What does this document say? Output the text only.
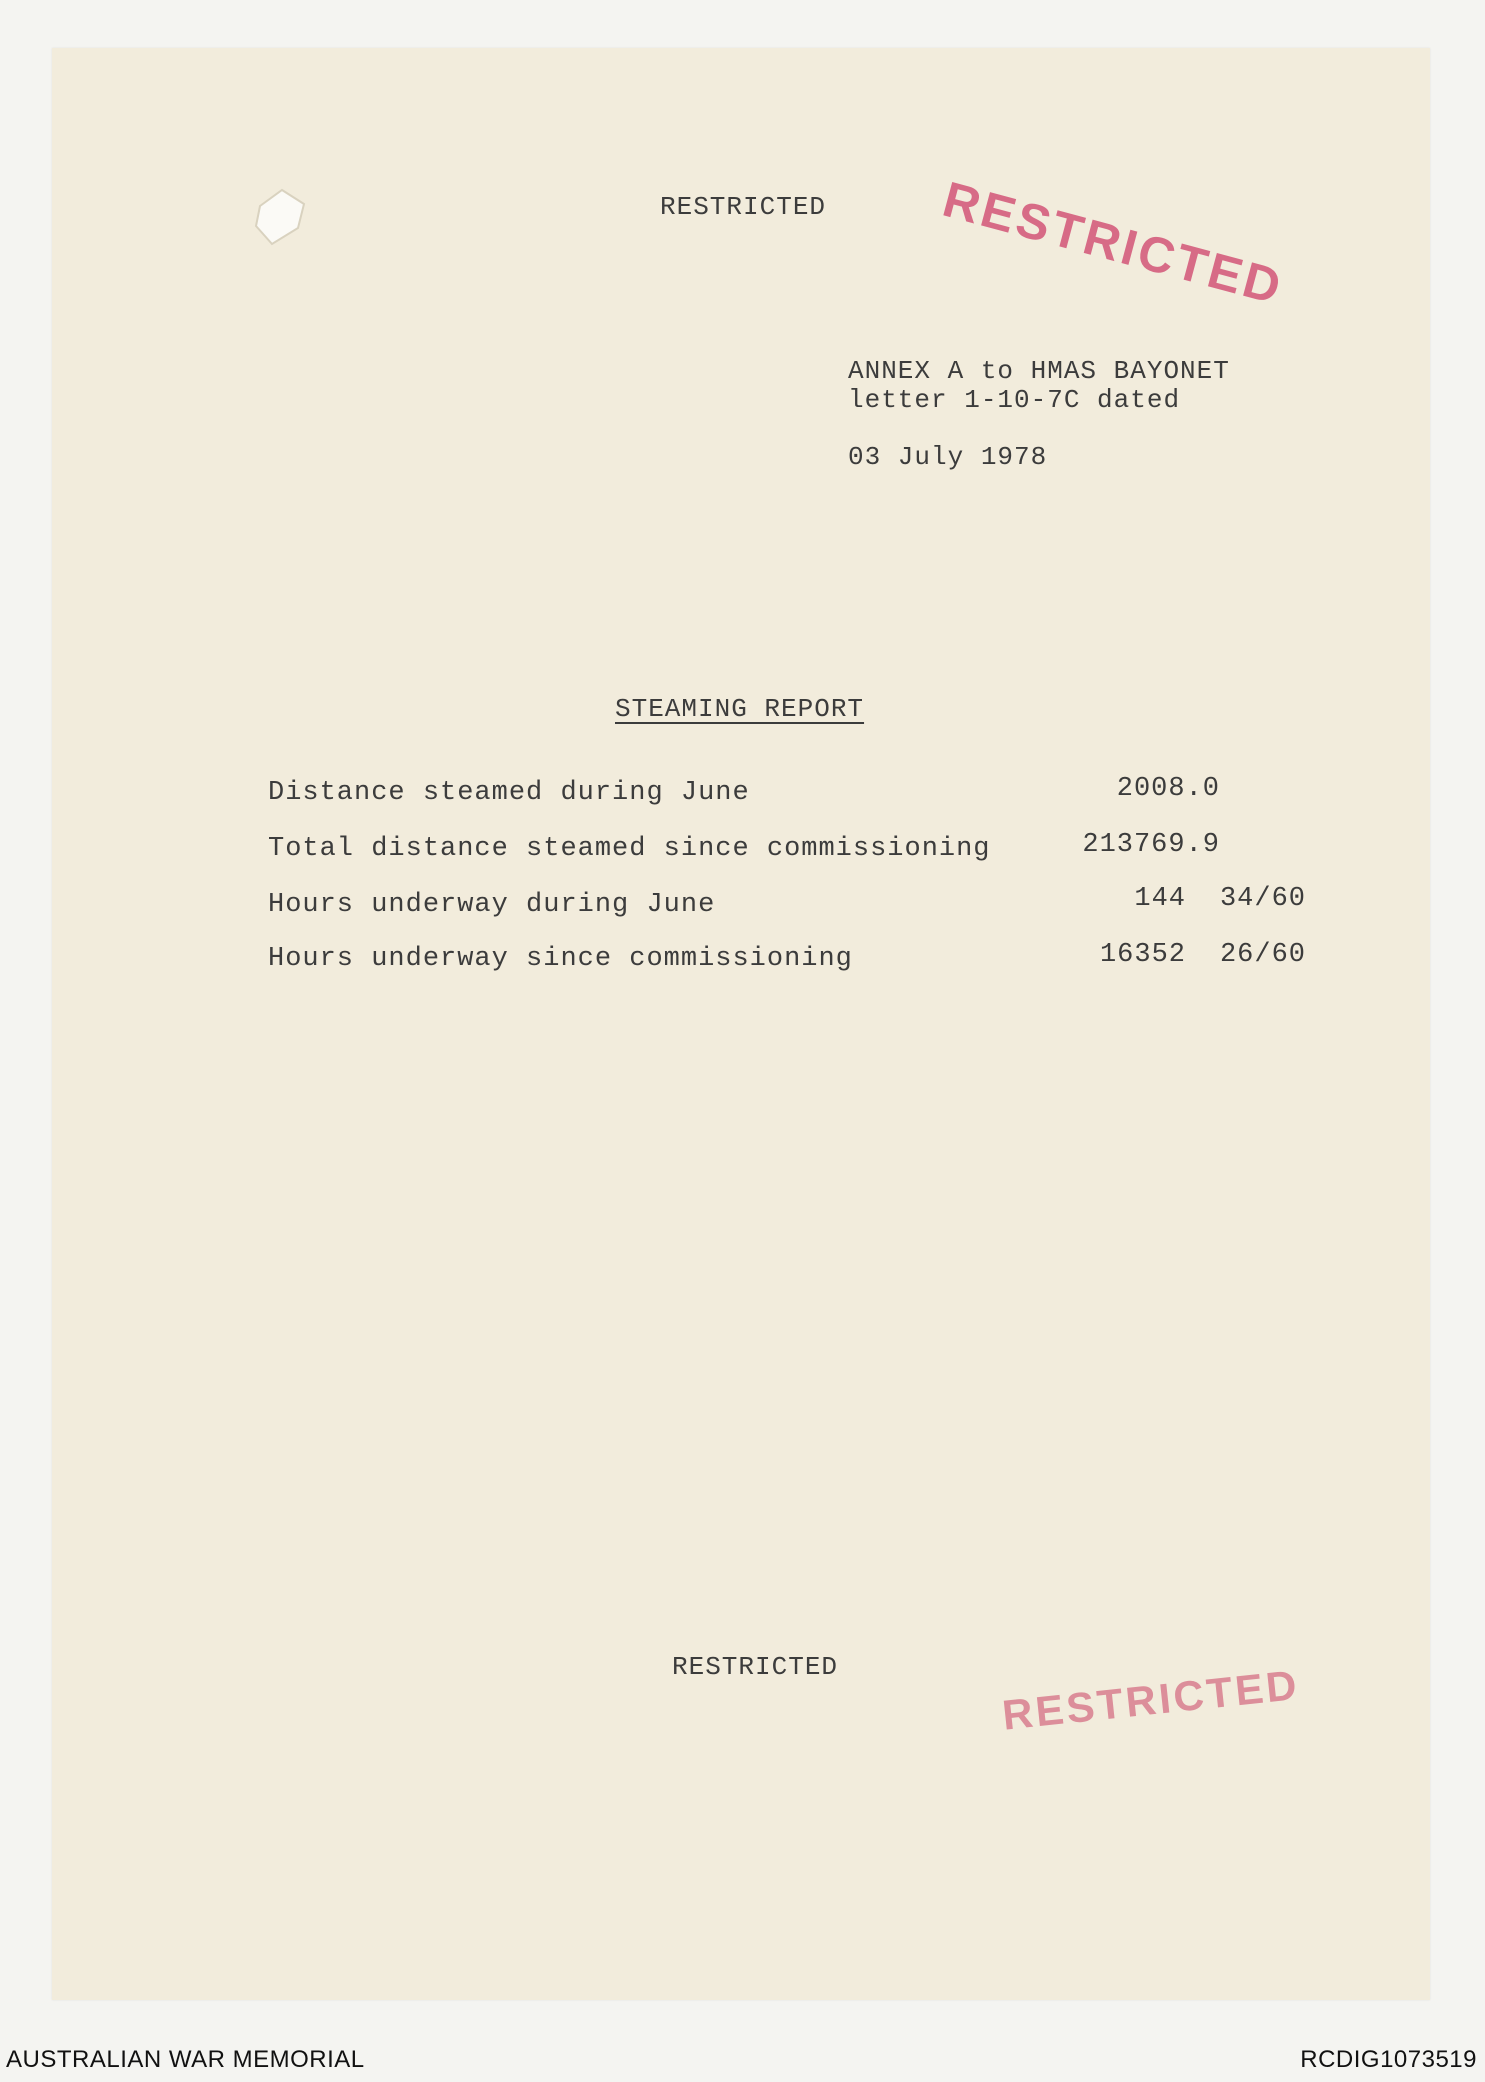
RESTRICTED RESTRICTED
ANNEX A to HMAS BAYONET
letter 1-10-7C dated
03 July 1978
STEAMING REPORT
Distance steamed during June	2008.0
Total distance steamed since commissioning	213769.9
Hours underway during June	144	34/60
Hours underway since commissioning	16352	26/60
RESTRICTED	RESTRICTED
AUSTRALIAN WAR MEMORIAL	RCDIG1073519
